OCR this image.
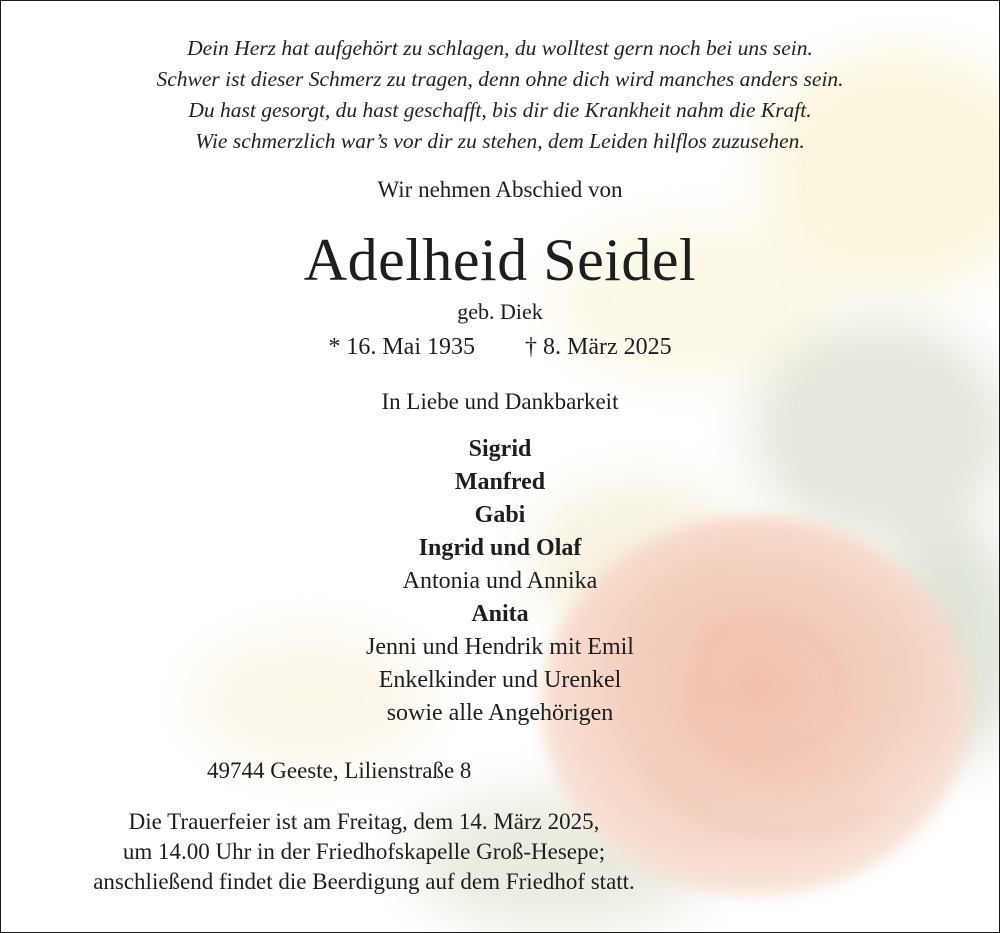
Dein Herz hat aufgehört zu schlagen, du wolltest gern noch bei uns sein.
Schwer ist dieser Schmerz zu tragen, denn ohne dich wird manches anders sein.
Du hast gesorgt, du hast geschafft, bis dir die Krankheit nahm die Kraft.
Wie schmerzlich war’s vor dir zu stehen, dem Leiden hilflos zuzusehen.
Wir nehmen Abschied von
Adelheid Seidel
geb. Diek
* 16. Mai 1935 † 8. März 2025
In Liebe und Dankbarkeit
Sigrid
Manfred
Gabi
Ingrid und Olaf
Antonia und Annika
Anita
Jenni und Hendrik mit Emil
Enkelkinder und Urenkel
sowie alle Angehörigen
49744 Geeste, Lilienstraße 8
Die Trauerfeier ist am Freitag, dem 14. März 2025,
um 14.00 Uhr in der Friedhofskapelle Groß-Hesepe;
anschließend findet die Beerdigung auf dem Friedhof statt.
